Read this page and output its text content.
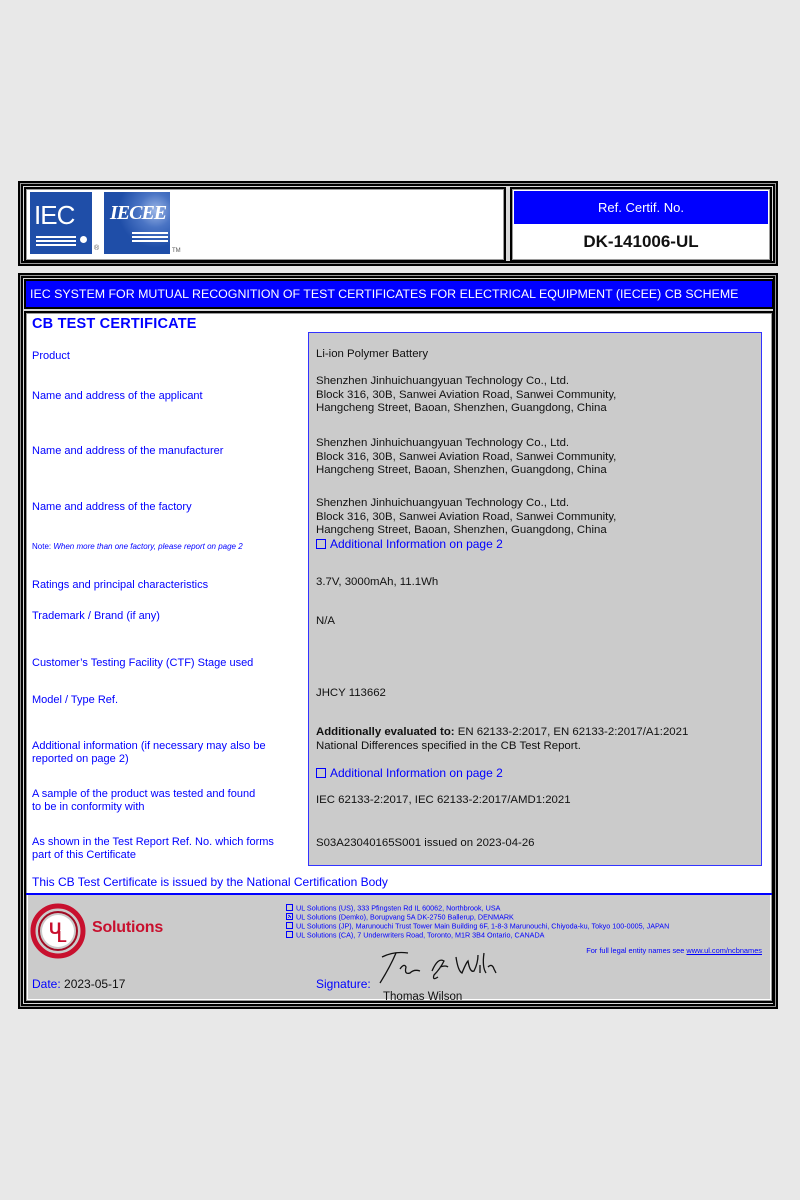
IEC
®
IECEE
TM
Ref. Certif. No.
DK-141006-UL
IEC SYSTEM FOR MUTUAL RECOGNITION OF TEST CERTIFICATES FOR ELECTRICAL EQUIPMENT (IECEE) CB SCHEME
CB TEST CERTIFICATE
Product
Name and address of the applicant
Name and address of the manufacturer
Name and address of the factory
Note: When more than one factory, please report on page 2
Ratings and principal characteristics
Trademark / Brand (if any)
Customer’s Testing Facility (CTF) Stage used
Model / Type Ref.
Additional information (if necessary may also be
reported on page 2)
A sample of the product was tested and found
to be in conformity with
As shown in the Test Report Ref. No. which forms
part of this Certificate
Li-ion Polymer Battery
Shenzhen Jinhuichuangyuan Technology Co., Ltd.
Block 316, 30B, Sanwei Aviation Road, Sanwei Community,
Hangcheng Street, Baoan, Shenzhen, Guangdong, China
Shenzhen Jinhuichuangyuan Technology Co., Ltd.
Block 316, 30B, Sanwei Aviation Road, Sanwei Community,
Hangcheng Street, Baoan, Shenzhen, Guangdong, China
Shenzhen Jinhuichuangyuan Technology Co., Ltd.
Block 316, 30B, Sanwei Aviation Road, Sanwei Community,
Hangcheng Street, Baoan, Shenzhen, Guangdong, China
Additional Information on page 2
3.7V, 3000mAh, 11.1Wh
N/A
JHCY 113662
Additionally evaluated to: EN 62133-2:2017, EN 62133-2:2017/A1:2021
National Differences specified in the CB Test Report.
Additional Information on page 2
IEC 62133-2:2017, IEC 62133-2:2017/AMD1:2021
S03A23040165S001 issued on 2023-04-26
This CB Test Certificate is issued by the National Certification Body
U
L
Solutions
UL Solutions (US), 333 Pfingsten Rd IL 60062, Northbrook, USA
UL Solutions (Demko), Borupvang 5A DK-2750 Ballerup, DENMARK
UL Solutions (JP), Marunouchi Trust Tower Main Building 6F, 1-8-3 Marunouchi, Chiyoda-ku, Tokyo 100-0005, JAPAN
UL Solutions (CA), 7 Underwriters Road, Toronto, M1R 3B4 Ontario, CANADA
For full legal entity names see www.ul.com/ncbnames
Date: 2023-05-17	Signature:
Thomas Wilson
